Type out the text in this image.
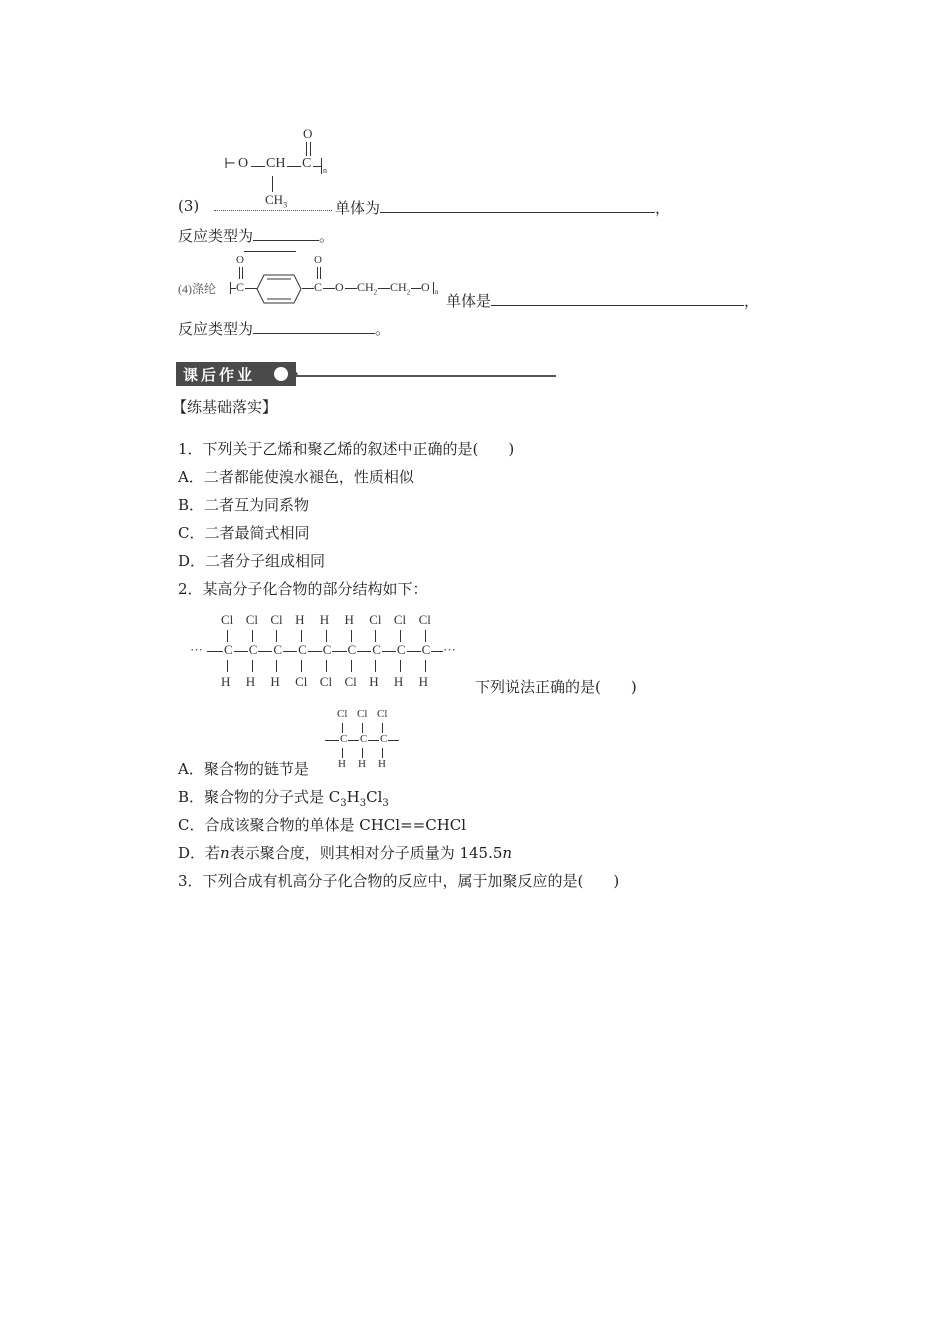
O
⊢ O CH C n
$CH_3$
(3)	单体为	，
反应类型为	。
(4)涤纶
O
C
O
C O $CH_2$ $CH_2$ O n 单体是	，
反应类型为	。
课后作业
【练基础落实】
1．下列关于乙烯和聚乙烯的叙述中正确的是(　　)
A．二者都能使溴水褪色，性质相似
B．二者互为同系物
C．二者最简式相同
D．二者分子组成相同
2．某高分子化合物的部分结构如下：
···	···
Cl
C
H
Cl
C
H
Cl
C
H
H
C
Cl
H
C
Cl
H
C
Cl
Cl
C
H
Cl
C
H
Cl
C
H	下列说法正确的是(　　)
Cl
C
H
Cl
C
H
Cl
C
H
A．聚合物的链节是
B．聚合物的分子式是 $C_3H_3Cl_3$
C．合成该聚合物的单体是 CHCl==CHCl
D．若n表示聚合度，则其相对分子质量为 145.5n
3．下列合成有机高分子化合物的反应中，属于加聚反应的是(　　)
